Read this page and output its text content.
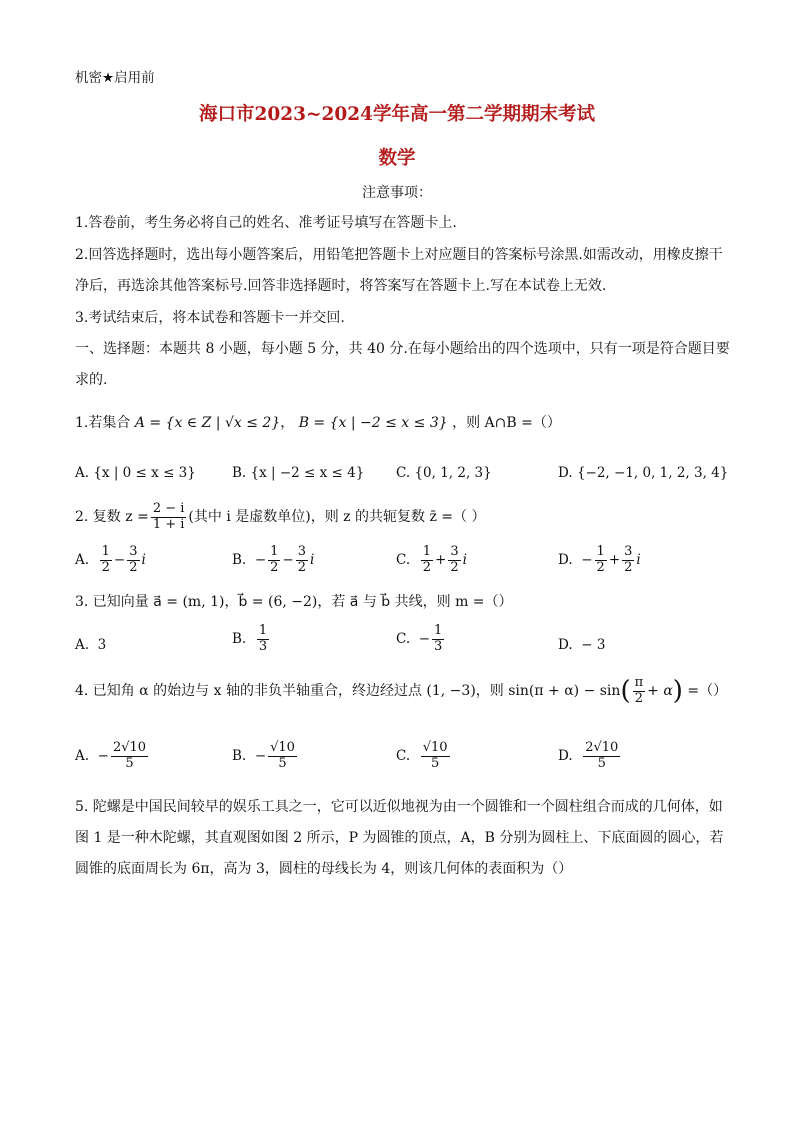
机密★启用前
海口市2023~2024学年高一第二学期期末考试
数学
注意事项：
1.答卷前，考生务必将自己的姓名、准考证号填写在答题卡上.
2.回答选择题时，选出每小题答案后，用铅笔把答题卡上对应题目的答案标号涂黑.如需改动，用橡皮擦干
净后，再选涂其他答案标号.回答非选择题时，将答案写在答题卡上.写在本试卷上无效.
3.考试结束后，将本试卷和答题卡一并交回.
一、选择题：本题共 8 小题，每小题 5 分，共 40 分.在每小题给出的四个选项中，只有一项是符合题目要
求的.
1.若集合 A = {x ∈ Z | √x ≤ 2}， B = {x | −2 ≤ x ≤ 3} ，则 A∩B =（）
A. {x | 0 ≤ x ≤ 3}	B. {x | −2 ≤ x ≤ 4} C. {0, 1, 2, 3}	D. {−2, −1, 0, 1, 2, 3, 4}
2. 复数 $z = \frac{2 - i}{1 + i}$ (其中 i 是虚数单位)，则 z 的共轭复数 z̄ =（ ）
A.
$\frac{1}{2} - \frac{3}{2}$ i	B.
− $\frac{1}{2} - \frac{3}{2}$ i	C.
$\frac{1}{2} + \frac{3}{2}$ i	D.
− $\frac{1}{2} + \frac{3}{2}$ i
3. 已知向量 a⃗ = (m, 1)，b⃗ = (6, −2)，若 a⃗ 与 b⃗ 共线，则 m =（）
A. 3	B.
$\frac{1}{3}$	C.
− $\frac{1}{3}$	D. − 3
4. 已知角 α 的始边与 x 轴的非负半轴重合，终边经过点 (1, −3)，则 sin(π + α) − sin ( $\frac{\pi}{2} + \alpha$ )
=（）
A.
− $\frac{2√10}{5}$	B.
− $\frac{√10}{5}$	C.
$\frac{√10}{5}$	D.
$\frac{2√10}{5}$
5. 陀螺是中国民间较早的娱乐工具之一，它可以近似地视为由一个圆锥和一个圆柱组合而成的几何体，如
图 1 是一种木陀螺，其直观图如图 2 所示，P 为圆锥的顶点，A，B 分别为圆柱上、下底面圆的圆心，若
圆锥的底面周长为 6π，高为 3，圆柱的母线长为 4，则该几何体的表面积为（）
